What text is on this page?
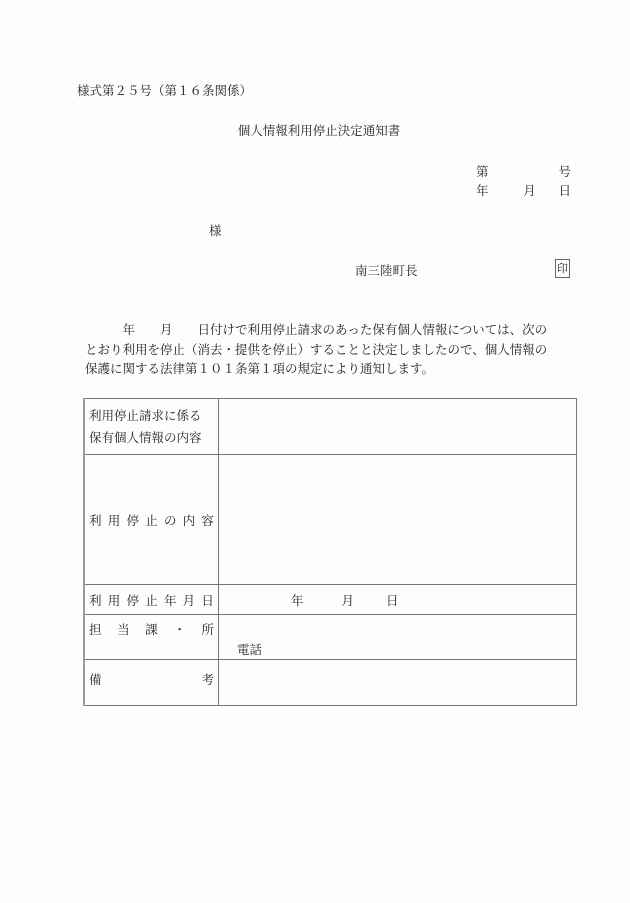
様式第２５号（第１６条関係）
個人情報利用停止決定通知書
第	号
年	月 日
様
南三陸町長	印
　　　年　　月　　日付けで利用停止請求のあった保有個人情報については、次の
とおり利用を停止（消去・提供を停止）することと決定しましたので、個人情報の
保護に関する法律第１０１条第１項の規定により通知します。
利用停止請求に係る
保有個人情報の内容	

利 用 停 止 の 内 容

利 用 停 止 年 月 日	年	月	日

担 当 課 ・ 所	電話

備 考	
